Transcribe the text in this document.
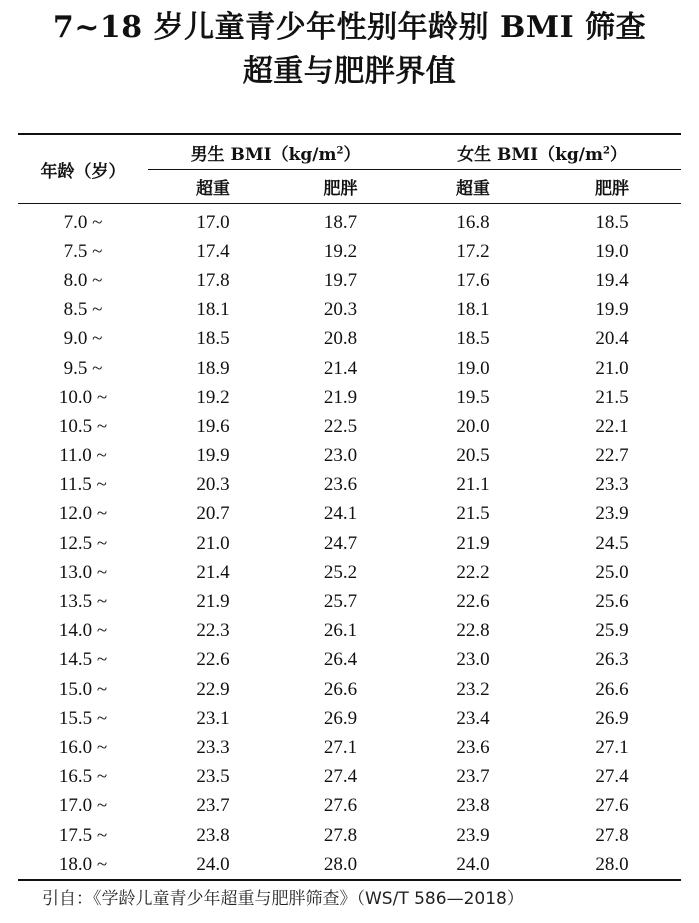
7~18 岁儿童青少年性别年龄别 BMI 筛查
超重与肥胖界值
年龄（岁）	男生 $BMI(kg/m^2)$		女生 $BMI(kg/m^2)$	
	超重	肥胖	超重	肥胖
7.0 ~	17.0	18.7	16.8	18.5
7.5 ~	17.4	19.2	17.2	19.0
8.0 ~	17.8	19.7	17.6	19.4
8.5 ~	18.1	20.3	18.1	19.9
9.0 ~	18.5	20.8	18.5	20.4
9.5 ~	18.9	21.4	19.0	21.0
10.0 ~	19.2	21.9	19.5	21.5
10.5 ~	19.6	22.5	20.0	22.1
11.0 ~	19.9	23.0	20.5	22.7
11.5 ~	20.3	23.6	21.1	23.3
12.0 ~	20.7	24.1	21.5	23.9
12.5 ~	21.0	24.7	21.9	24.5
13.0 ~	21.4	25.2	22.2	25.0
13.5 ~	21.9	25.7	22.6	25.6
14.0 ~	22.3	26.1	22.8	25.9
14.5 ~	22.6	26.4	23.0	26.3
15.0 ~	22.9	26.6	23.2	26.6
15.5 ~	23.1	26.9	23.4	26.9
16.0 ~	23.3	27.1	23.6	27.1
16.5 ~	23.5	27.4	23.7	27.4
17.0 ~	23.7	27.6	23.8	27.6
17.5 ~	23.8	27.8	23.9	27.8
18.0 ~	24.0	28.0	24.0	28.0
引自：《学龄儿童青少年超重与肥胖筛查》（WS/T 586—2018）
